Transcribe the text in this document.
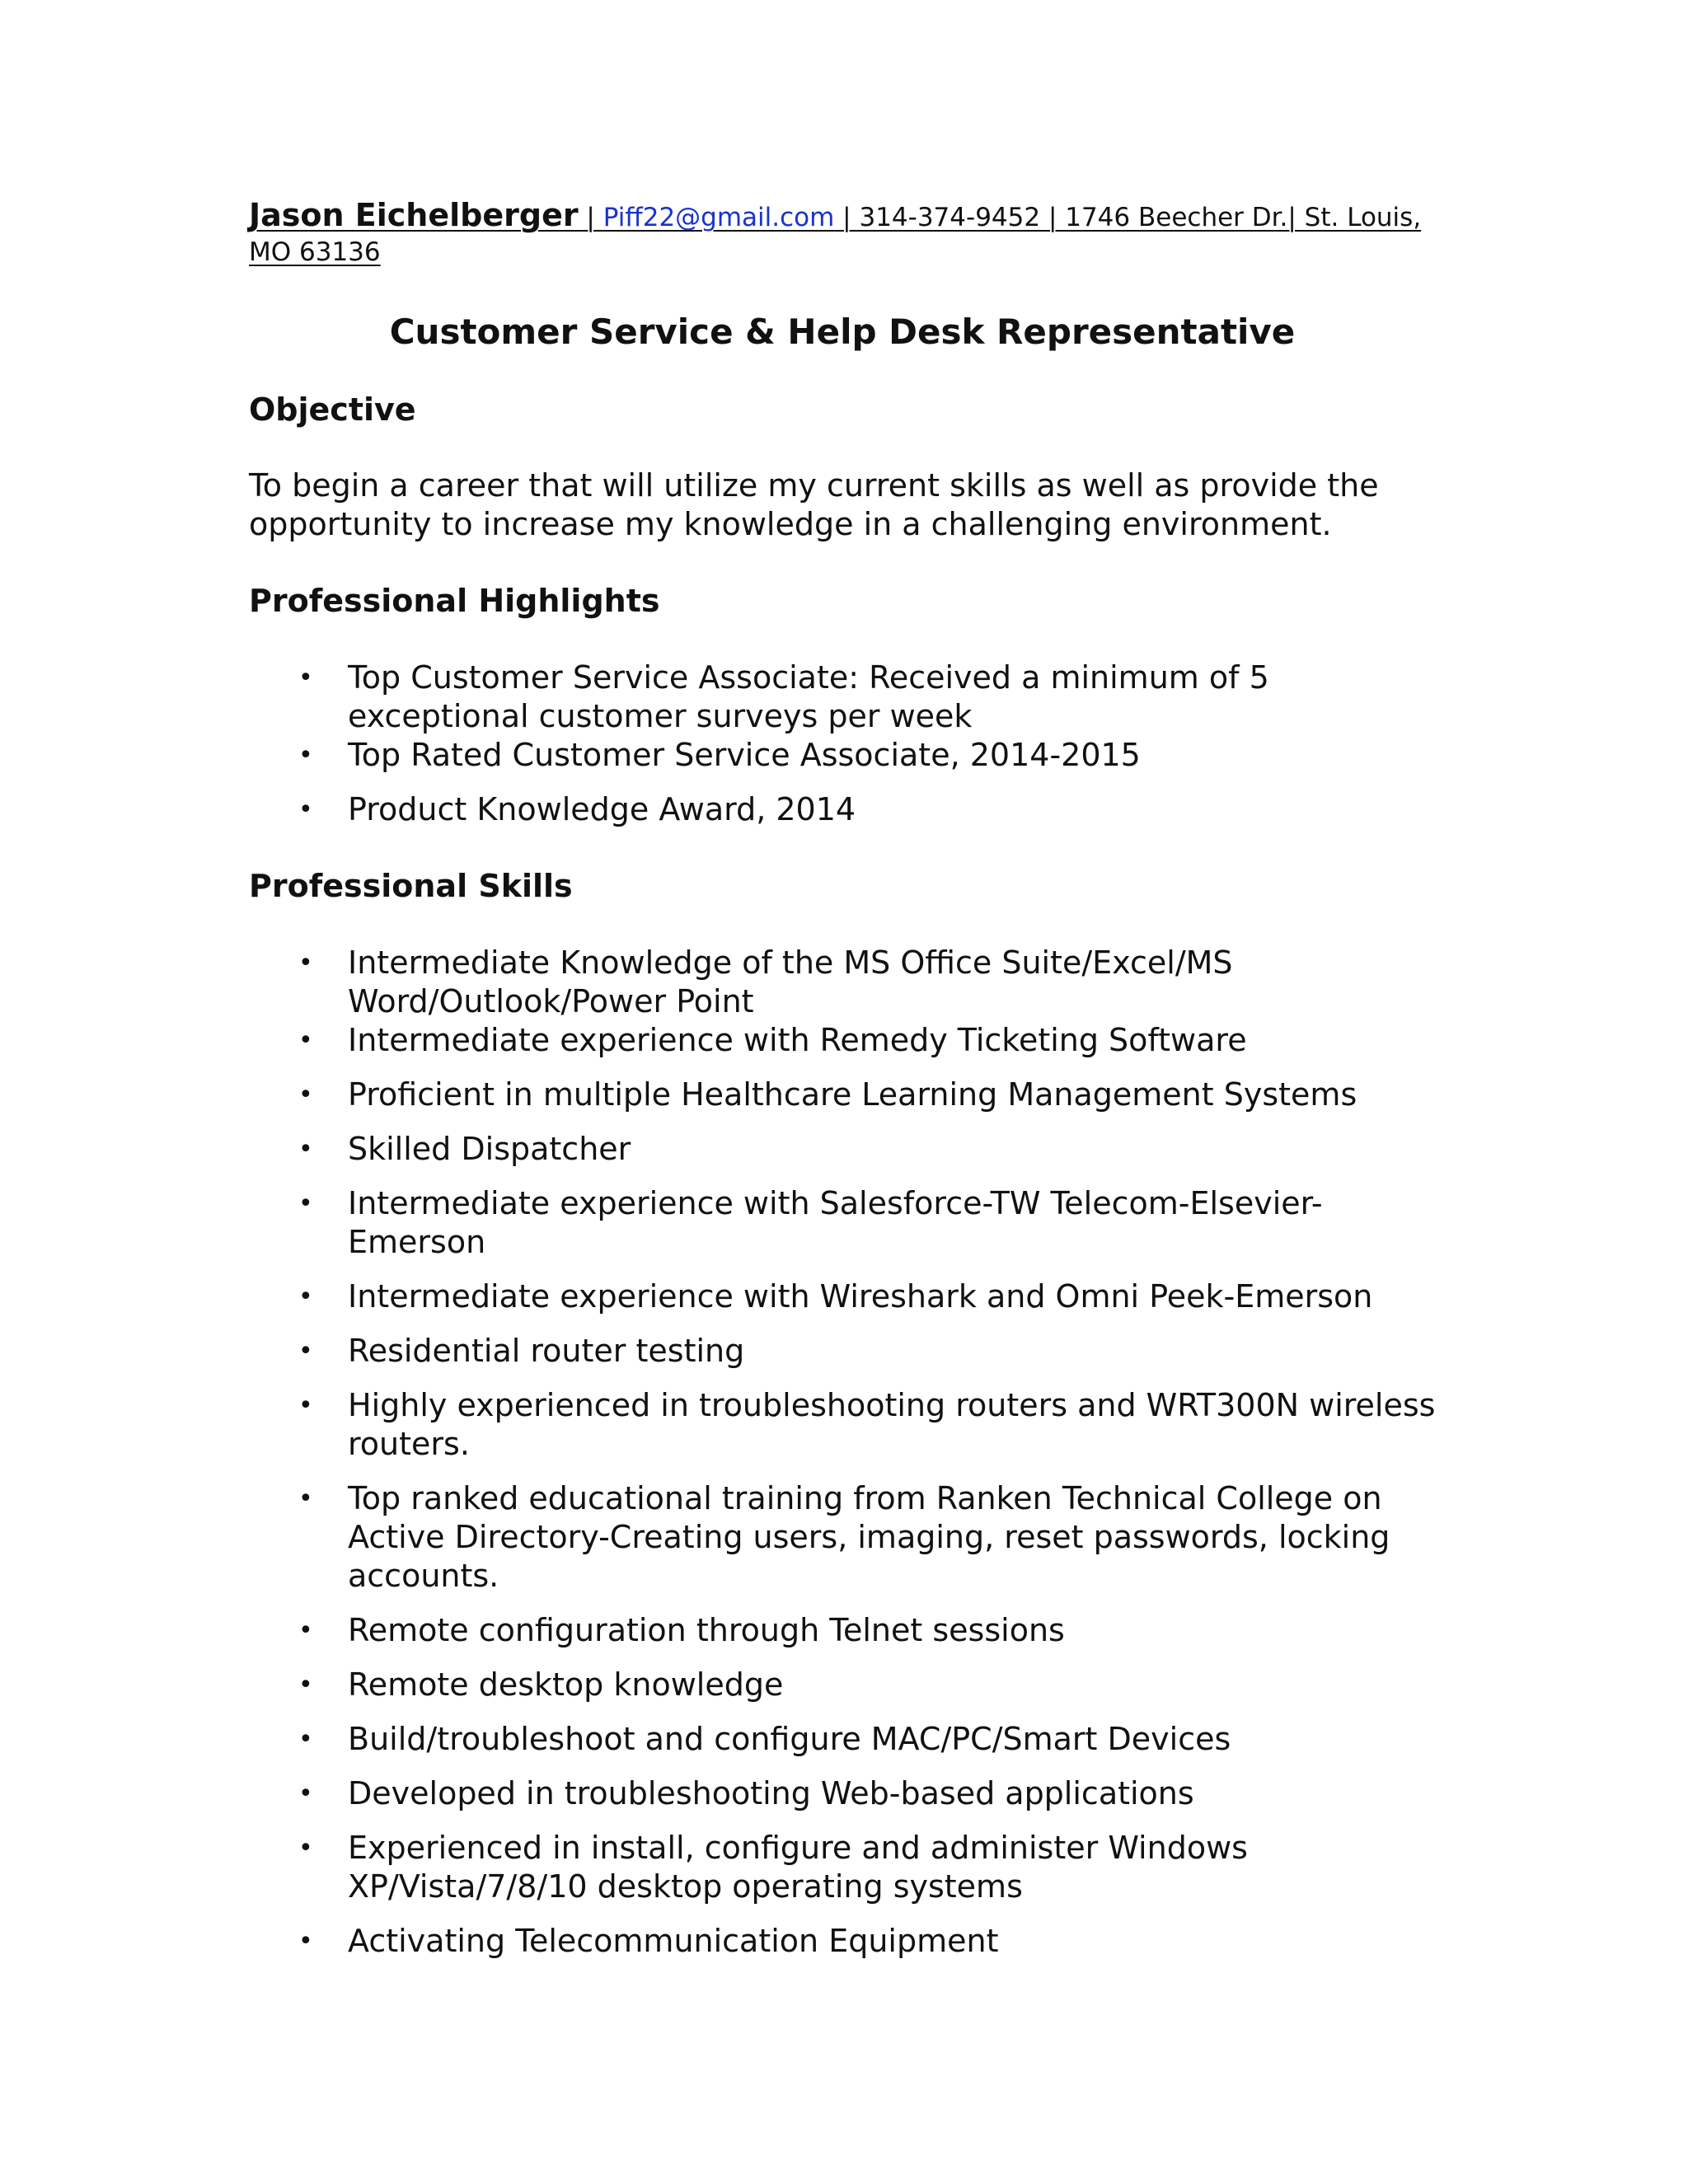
Jason Eichelberger | Piff22@gmail.com | 314-374-9452 | 1746 Beecher Dr.| St. Louis, MO 63136
Customer Service & Help Desk Representative
Objective
To begin a career that will utilize my current skills as well as provide the opportunity to increase my knowledge in a challenging environment.
Professional Highlights
• Top Customer Service Associate: Received a minimum of 5 exceptional customer surveys per week
• Top Rated Customer Service Associate, 2014-2015
• Product Knowledge Award, 2014
Professional Skills
• Intermediate Knowledge of the MS Office Suite/Excel/MS Word/Outlook/Power Point
• Intermediate experience with Remedy Ticketing Software
• Proficient in multiple Healthcare Learning Management Systems
• Skilled Dispatcher
• Intermediate experience with Salesforce-TW Telecom-Elsevier-Emerson
• Intermediate experience with Wireshark and Omni Peek-Emerson
• Residential router testing
• Highly experienced in troubleshooting routers and WRT300N wireless routers.
• Top ranked educational training from Ranken Technical College on Active Directory-Creating users, imaging, reset passwords, locking accounts.
• Remote configuration through Telnet sessions
• Remote desktop knowledge
• Build/troubleshoot and configure MAC/PC/Smart Devices
• Developed in troubleshooting Web-based applications
• Experienced in install, configure and administer Windows XP/Vista/7/8/10 desktop operating systems
• Activating Telecommunication Equipment
